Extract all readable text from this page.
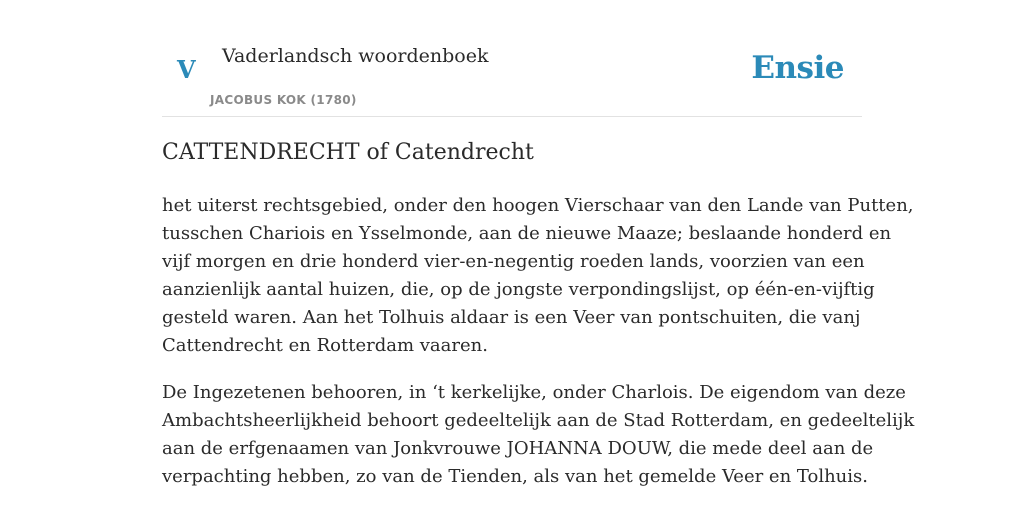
V Vaderlandsch woordenboek
JACOBUS KOK (1780)
Ensie
CATTENDRECHT of Catendrecht

het uiterst rechtsgebied, onder den hoogen Vierschaar van den Lande van Putten,
tusschen Chariois en Ysselmonde, aan de nieuwe Maaze; beslaande honderd en
vijf morgen en drie honderd vier-en-negentig roeden lands, voorzien van een
aanzienlijk aantal huizen, die, op de jongste verpondingslijst, op één-en-vijftig
gesteld waren. Aan het Tolhuis aldaar is een Veer van pontschuiten, die vanj
Cattendrecht en Rotterdam vaaren.

De Ingezetenen behooren, in ‘t kerkelijke, onder Charlois. De eigendom van deze
Ambachtsheerlijkheid behoort gedeeltelijk aan de Stad Rotterdam, en gedeeltelijk
aan de erfgenaamen van Jonkvrouwe JOHANNA DOUW, die mede deel aan de
verpachting hebben, zo van de Tienden, als van het gemelde Veer en Tolhuis.
